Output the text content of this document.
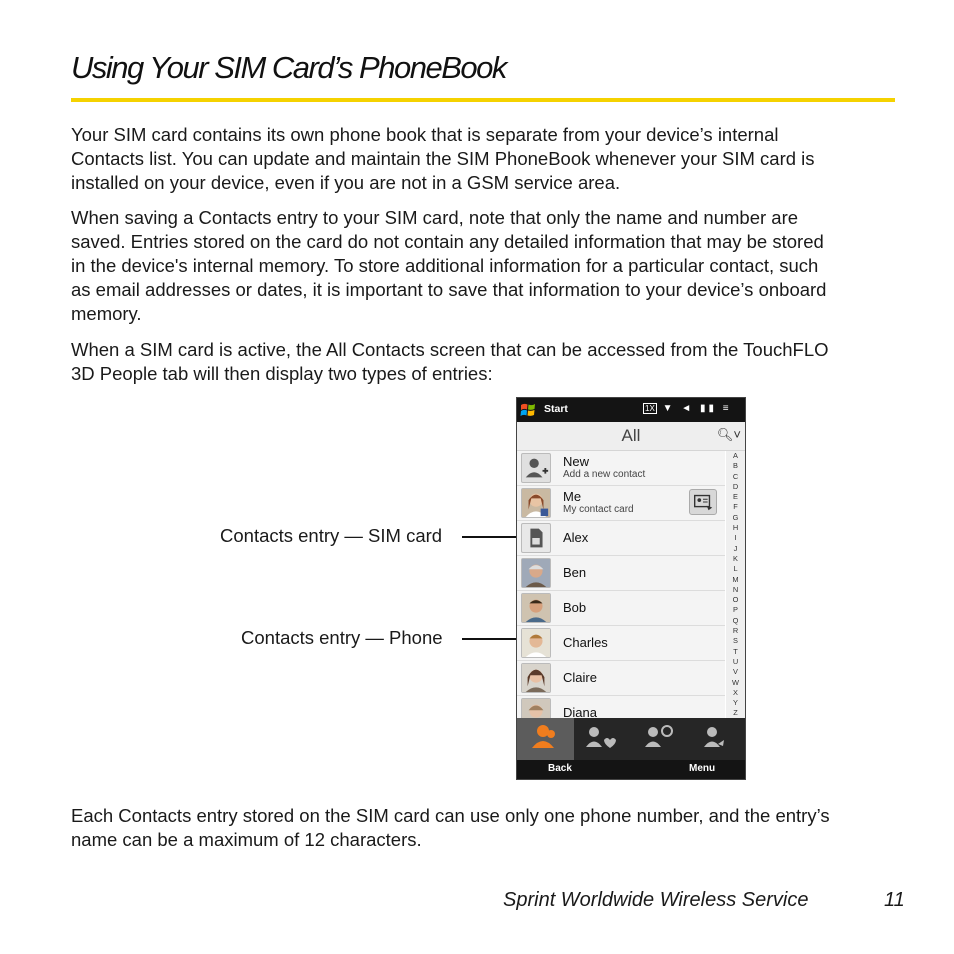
Using Your SIM Card’s PhoneBook

Your SIM card contains its own phone book that is separate from your device’s internal
Contacts list. You can update and maintain the SIM PhoneBook whenever your SIM card is
installed on your device, even if you are not in a GSM service area.

When saving a Contacts entry to your SIM card, note that only the name and number are
saved. Entries stored on the card do not contain any detailed information that may be stored
in the device's internal memory. To store additional information for a particular contact, such
as email addresses or dates, it is important to save that information to your device’s onboard
memory.

When a SIM card is active, the All Contacts screen that can be accessed from the TouchFLO
3D People tab will then display two types of entries:

Contacts entry — SIM card
Contacts entry — Phone
Start	1X ▼ ◄ ▮▮ ≡
All	🔍︎˅
New
Add a new contact
Me
My contact card
Alex
Ben
Bob
Charles
Claire
Diana
A
B
C
D
E
F
G
H
I
J
K
L
M
N
O
P
Q
R
S
T
U
V
W
X
Y
Z
Back	Menu

Each Contacts entry stored on the SIM card can use only one phone number, and the entry’s
name can be a maximum of 12 characters.

Sprint Worldwide Wireless Service	11
